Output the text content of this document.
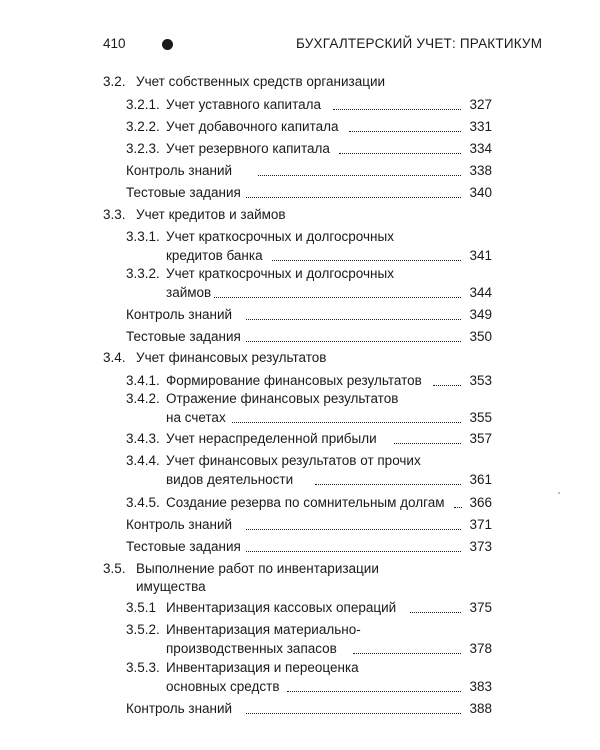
410	БУХГАЛТЕРСКИЙ УЧЕТ: ПРАКТИКУМ
3.2. Учет собственных средств организации
3.2.1. Учет уставного капитала	327
3.2.2. Учет добавочного капитала	331
3.2.3. Учет резервного капитала	334
Контроль знаний	338
Тестовые задания	340
3.3. Учет кредитов и займов
3.3.1. Учет краткосрочных и долгосрочных
кредитов банка	341
3.3.2. Учет краткосрочных и долгосрочных
займов	344
Контроль знаний	349
Тестовые задания	350
3.4. Учет финансовых результатов
3.4.1. Формирование финансовых результатов	353
3.4.2. Отражение финансовых результатов
на счетах	355
3.4.3. Учет нераспределенной прибыли	357
3.4.4. Учет финансовых результатов от прочих
видов деятельности	361
3.4.5. Создание резерва по сомнительным долгам	366
Контроль знаний	371
Тестовые задания	373
3.5. Выполнение работ по инвентаризации
имущества
3.5.1 Инвентаризация кассовых операций	375
3.5.2. Инвентаризация материально-
производственных запасов	378
3.5.3. Инвентаризация и переоценка
основных средств	383
Контроль знаний	388
